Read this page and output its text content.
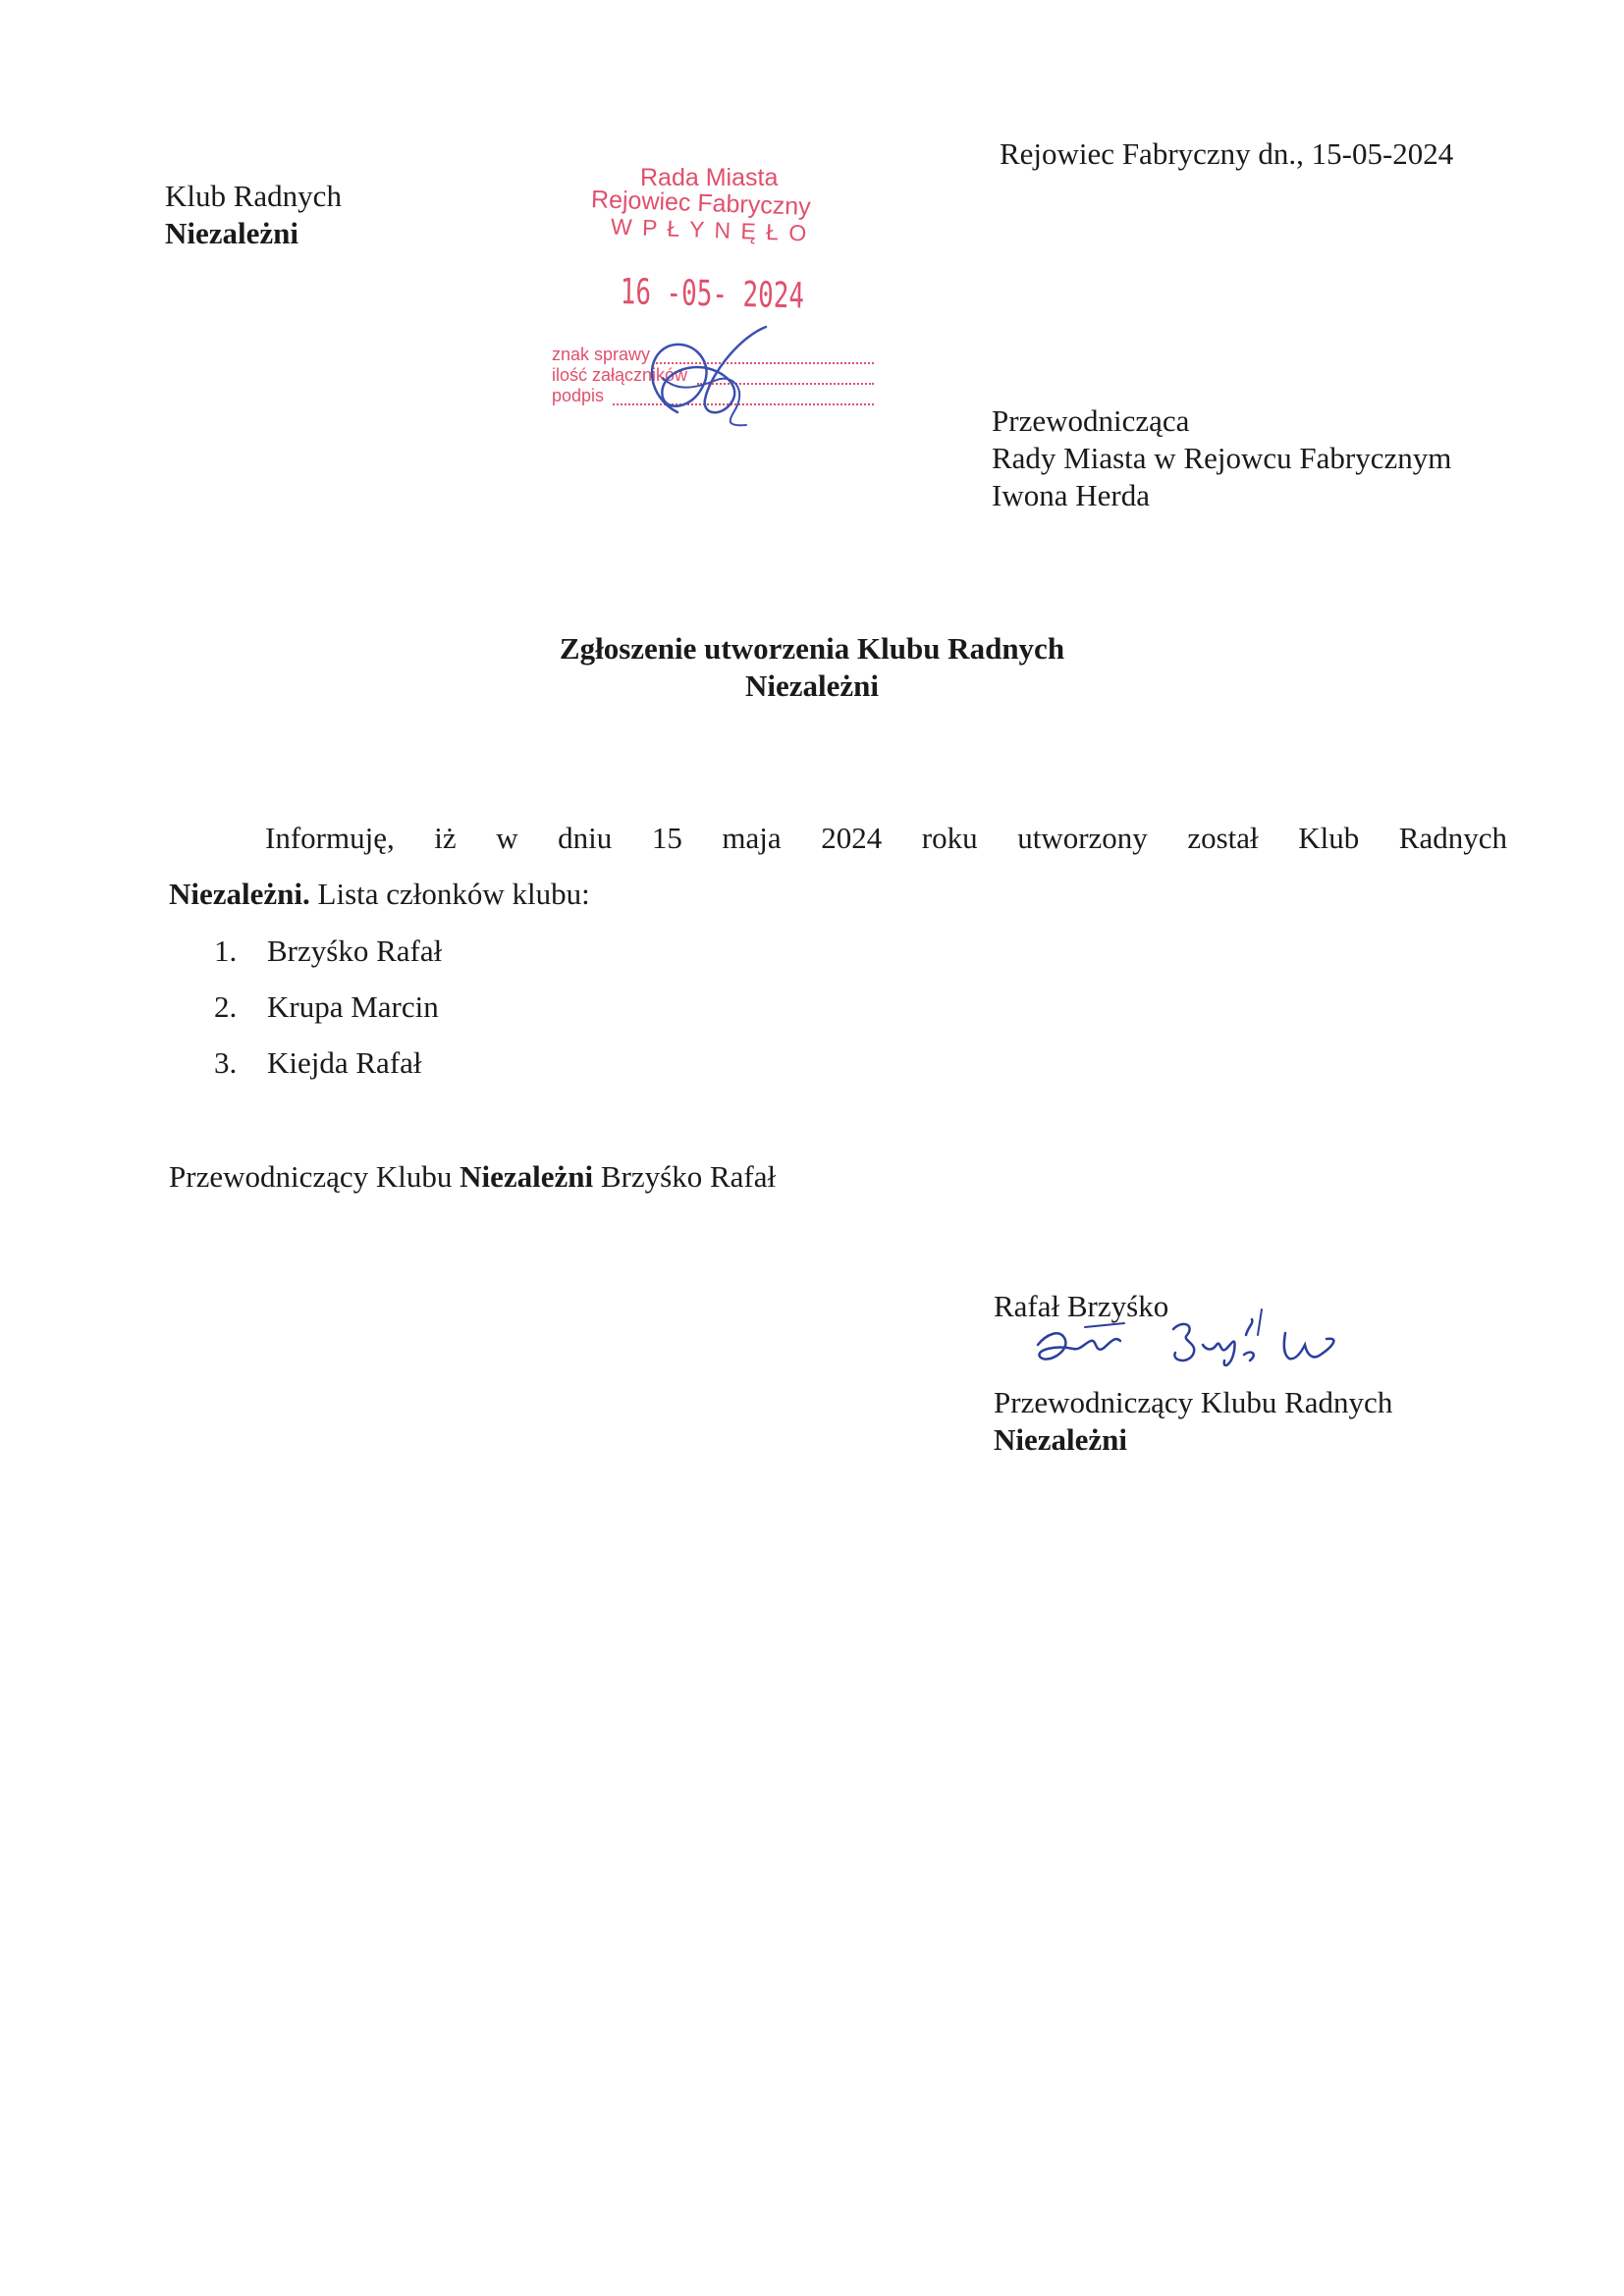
Klub Radnych
Niezależni
Rejowiec Fabryczny dn., 15-05-2024
Rada Miasta
Rejowiec Fabryczny
W P Ł Y N Ę Ł O
16 -05- 2024
znak sprawy
ilość załączników
podpis
Przewodnicząca
Rady Miasta w Rejowcu Fabrycznym
Iwona Herda
Zgłoszenie utworzenia Klubu Radnych
Niezależni
Informuję, iż w dniu 15 maja 2024 roku utworzony został Klub Radnych
Niezależni. Lista członków klubu:
1. Brzyśko Rafał
2. Krupa Marcin
3. Kiejda Rafał
Przewodniczący Klubu Niezależni Brzyśko Rafał
Rafał Brzyśko
Przewodniczący Klubu Radnych
Niezależni
